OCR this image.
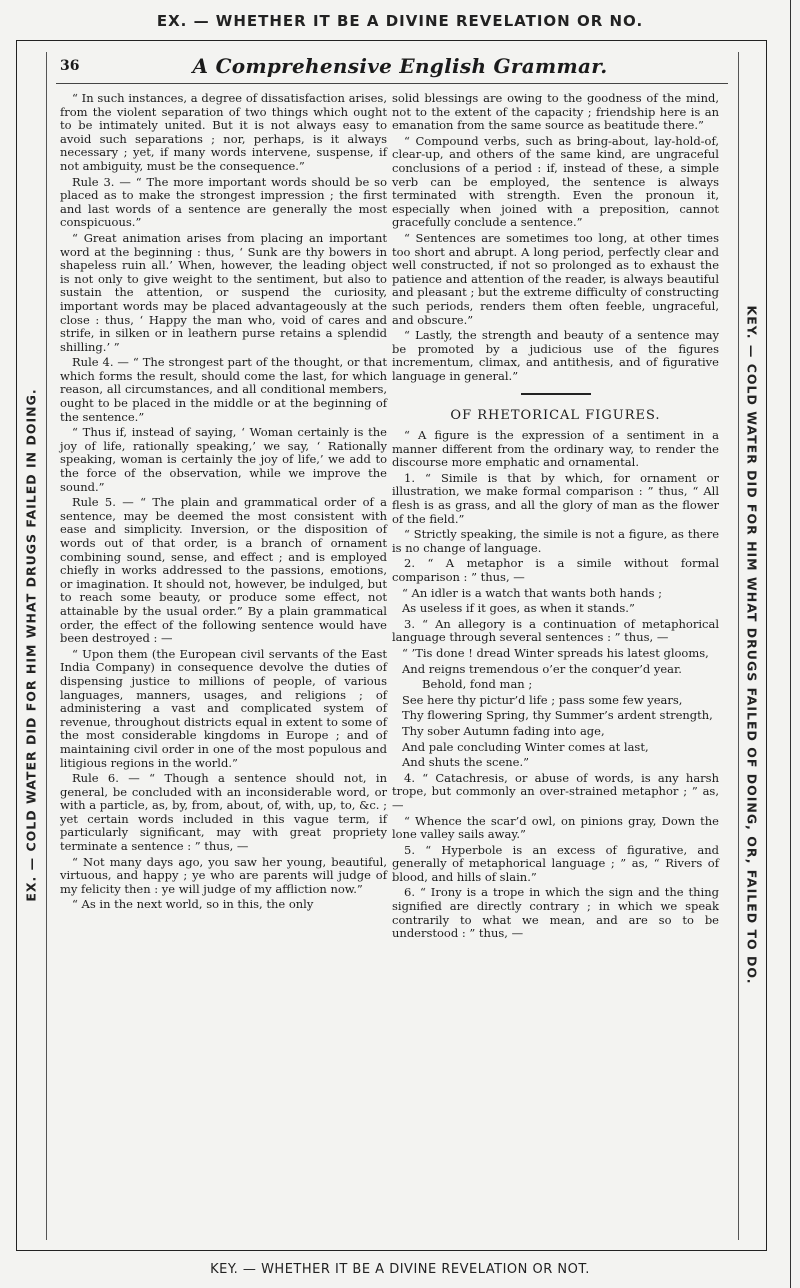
EX. — WHETHER IT BE A DIVINE REVELATION OR NO.
EX. — COLD WATER DID FOR HIM WHAT DRUGS FAILED IN DOING.	KEY. — COLD WATER DID FOR HIM WHAT DRUGS FAILED OF DOING, OR, FAILED TO DO.
36	A Comprehensive English Grammar.

“ In such instances, a degree of dissatisfaction arises, from the violent separation of two things which ought to be intimately united. But it is not always easy to avoid such separations ; nor, perhaps, is it always necessary ; yet, if many words intervene, suspense, if not ambiguity, must be the consequence.”

Rule 3. — “ The more important words should be so placed as to make the strongest impression ; the first and last words of a sentence are generally the most conspicuous.”

“ Great animation arises from placing an important word at the beginning : thus, ‘ Sunk are thy bowers in shapeless ruin all.’ When, however, the leading object is not only to give weight to the sentiment, but also to sustain the attention, or suspend the curiosity, important words may be placed advantageously at the close : thus, ‘ Happy the man who, void of cares and strife, in silken or in leathern purse retains a splendid shilling.’ ”

Rule 4. — “ The strongest part of the thought, or that which forms the result, should come the last, for which reason, all circumstances, and all conditional members, ought to be placed in the middle or at the beginning of the sentence.”

“ Thus if, instead of saying, ‘ Woman certainly is the joy of life, rationally speaking,’ we say, ‘ Rationally speaking, woman is certainly the joy of life,’ we add to the force of the observation, while we improve the sound.”

Rule 5. — “ The plain and grammatical order of a sentence, may be deemed the most consistent with ease and simplicity. Inversion, or the disposition of words out of that order, is a branch of ornament combining sound, sense, and effect ; and is employed chiefly in works addressed to the passions, emotions, or imagination. It should not, however, be indulged, but to reach some beauty, or produce some effect, not attainable by the usual order.” By a plain grammatical order, the effect of the following sentence would have been destroyed : —

“ Upon them (the European civil servants of the East India Company) in consequence devolve the duties of dispensing justice to millions of people, of various languages, manners, usages, and religions ; of administering a vast and complicated system of revenue, throughout districts equal in extent to some of the most considerable kingdoms in Europe ; and of maintaining civil order in one of the most populous and litigious regions in the world.”

Rule 6. — “ Though a sentence should not, in general, be concluded with an inconsiderable word, or with a particle, as, by, from, about, of, with, up, to, &c. ; yet certain words included in this vague term, if particularly significant, may with great propriety terminate a sentence : ” thus, —

“ Not many days ago, you saw her young, beautiful, virtuous, and happy ; ye who are parents will judge of my felicity then : ye will judge of my affliction now.”

“ As in the next world, so in this, the only

solid blessings are owing to the goodness of the mind, not to the extent of the capacity ; friendship here is an emanation from the same source as beatitude there.”

“ Compound verbs, such as bring-about, lay-hold-of, clear-up, and others of the same kind, are ungraceful conclusions of a period : if, instead of these, a simple verb can be employed, the sentence is always terminated with strength. Even the pronoun it, especially when joined with a preposition, cannot gracefully conclude a sentence.”

“ Sentences are sometimes too long, at other times too short and abrupt. A long period, perfectly clear and well constructed, if not so prolonged as to exhaust the patience and attention of the reader, is always beautiful and pleasant ; but the extreme difficulty of constructing such periods, renders them often feeble, ungraceful, and obscure.”

“ Lastly, the strength and beauty of a sentence may be promoted by a judicious use of the figures incrementum, climax, and antithesis, and of figurative language in general.”

OF RHETORICAL FIGURES.

“ A figure is the expression of a sentiment in a manner different from the ordinary way, to render the discourse more emphatic and ornamental.

1. “ Simile is that by which, for ornament or illustration, we make formal comparison : ” thus, “ All flesh is as grass, and all the glory of man as the flower of the field.”

“ Strictly speaking, the simile is not a figure, as there is no change of language.

2. “ A metaphor is a simile without formal comparison : ” thus, —

“ An idler is a watch that wants both hands ;

As useless if it goes, as when it stands.”

3. “ An allegory is a continuation of metaphorical language through several sentences : ” thus, —

“ ’Tis done ! dread Winter spreads his latest glooms,

And reigns tremendous o’er the conquer’d year.

Behold, fond man ;

See here thy pictur’d life ; pass some few years,

Thy flowering Spring, thy Summer’s ardent strength,

Thy sober Autumn fading into age,

And pale concluding Winter comes at last,

And shuts the scene.”

4. “ Catachresis, or abuse of words, is any harsh trope, but commonly an over-strained metaphor ; ” as, —

“ Whence the scar’d owl, on pinions gray, Down the lone valley sails away.”

5. “ Hyperbole is an excess of figurative, and generally of metaphorical language ; ” as, “ Rivers of blood, and hills of slain.”

6. “ Irony is a trope in which the sign and the thing signified are directly contrary ; in which we speak contrarily to what we mean, and are so to be understood : ” thus, —

KEY. — WHETHER IT BE A DIVINE REVELATION OR NOT.
